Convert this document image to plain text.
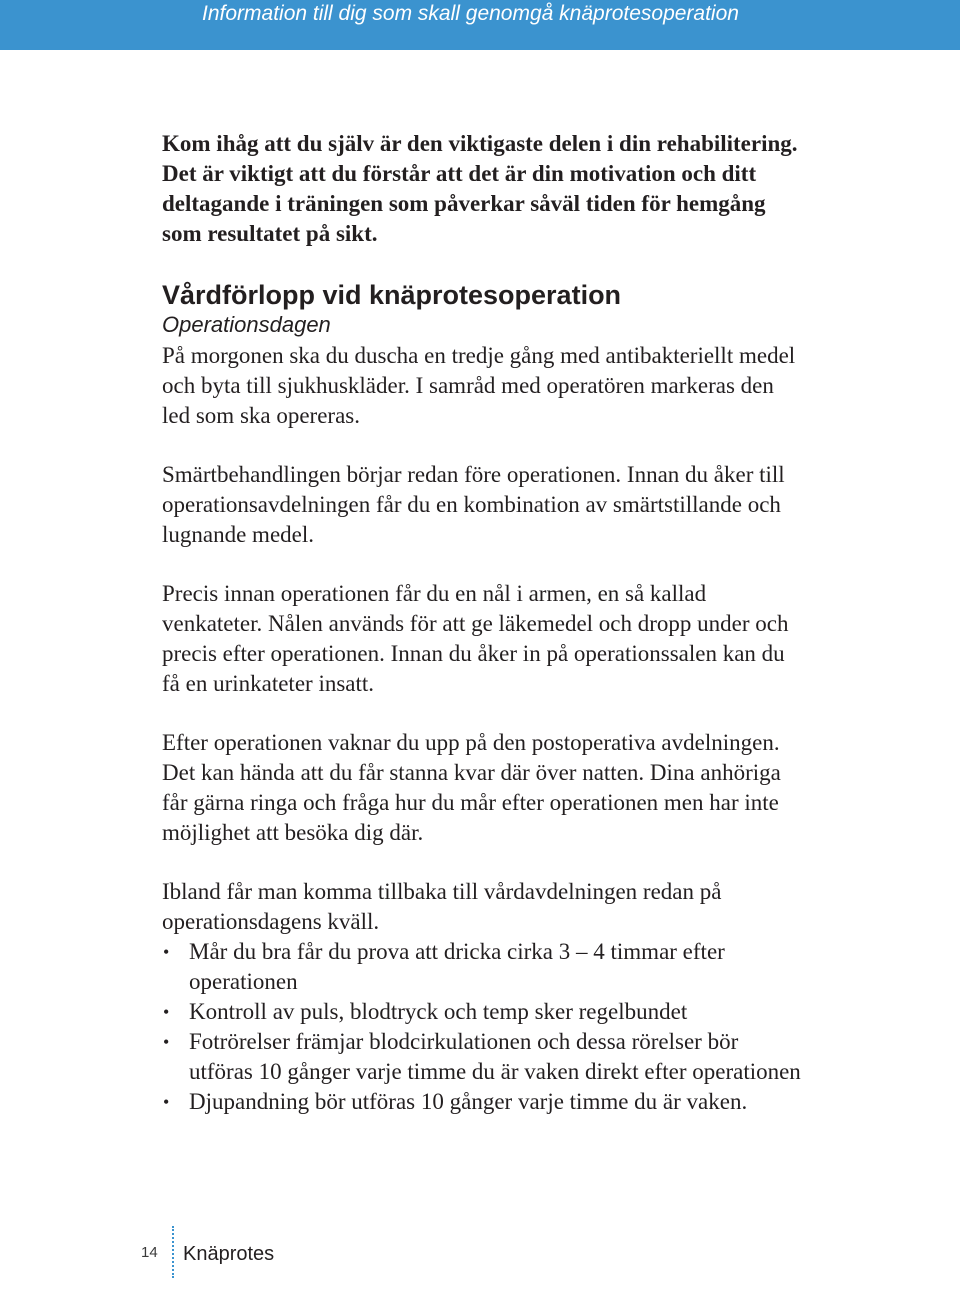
Information till dig som skall genomgå knäprotesoperation

Kom ihåg att du själv är den viktigaste delen i din rehabilitering. Det är viktigt att du förstår att det är din motivation och ditt deltagande i träningen som påverkar såväl tiden för hemgång som resultatet på sikt.

Vårdförlopp vid knäprotesoperation
Operationsdagen

På morgonen ska du duscha en tredje gång med antibakteriellt medel och byta till sjukhuskläder. I samråd med operatören markeras den led som ska opereras.

Smärtbehandlingen börjar redan före operationen. Innan du åker till operationsavdelningen får du en kombination av smärtstillande och lugnande medel.

Precis innan operationen får du en nål i armen, en så kallad venkateter. Nålen används för att ge läkemedel och dropp under och precis efter operationen. Innan du åker in på operationssalen kan du få en urinkateter insatt.

Efter operationen vaknar du upp på den postoperativa avdelningen. Det kan hända att du får stanna kvar där över natten. Dina anhöriga får gärna ringa och fråga hur du mår efter operationen men har inte möjlighet att besöka dig där.

Ibland får man komma tillbaka till vårdavdelningen redan på operationsdagens kväll.

• Mår du bra får du prova att dricka cirka 3 – 4 timmar efter operationen
• Kontroll av puls, blodtryck och temp sker regelbundet
• Fotrörelser främjar blodcirkulationen och dessa rörelser bör utföras 10 gånger varje timme du är vaken direkt efter operationen
• Djupandning bör utföras 10 gånger varje timme du är vaken.
14 Knäprotes
